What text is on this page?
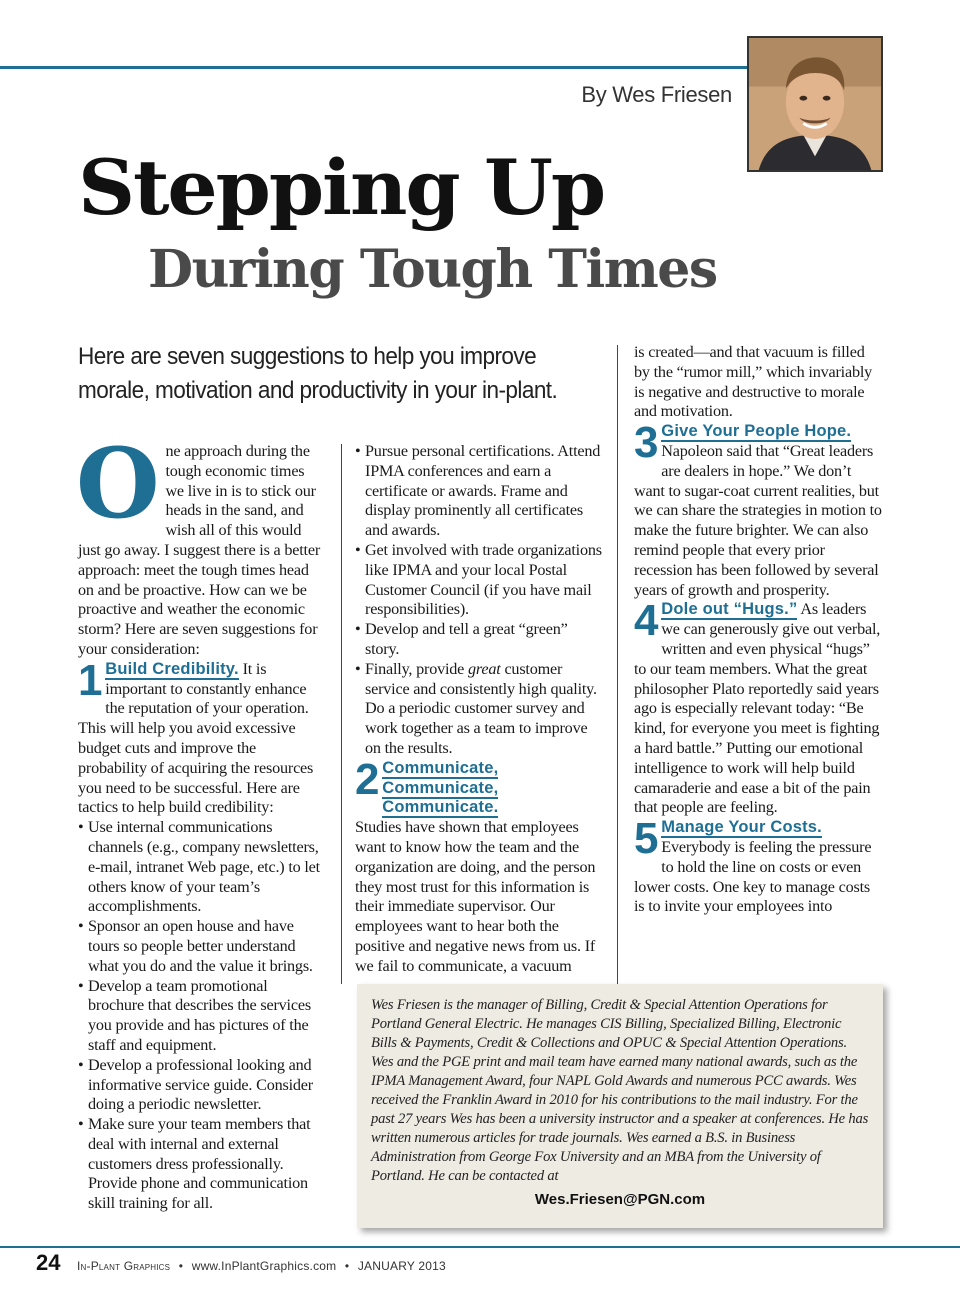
By Wes Friesen
Stepping Up
During Tough Times
Here are seven suggestions to help you improve morale, motivation and productivity in your in-plant.

One approach during the tough economic times we live in is to stick our heads in the sand, and wish all of this would just go away. I suggest there is a better approach: meet the tough times head on and be proactive. How can we be proactive and weather the economic storm? Here are seven suggestions for your consideration:

1 Build Credibility. It is important to constantly enhance the reputation of your operation. This will help you avoid excessive budget cuts and improve the probability of acquiring the resources you need to be successful. Here are tactics to help build credibility:

• Use internal communications channels (e.g., company newsletters, e-mail, intranet Web page, etc.) to let others know of your team’s accomplishments.
• Sponsor an open house and have tours so people better understand what you do and the value it brings.
• Develop a team promotional brochure that describes the services you provide and has pictures of the staff and equipment.
• Develop a professional looking and informative service guide. Consider doing a periodic newsletter.
• Make sure your team members that deal with internal and external customers dress professionally. Provide phone and communication skill training for all.
• Pursue personal certifications. Attend IPMA conferences and earn a certificate or awards. Frame and display prominently all certificates and awards.
• Get involved with trade organizations like IPMA and your local Postal Customer Council (if you have mail responsibilities).
• Develop and tell a great “green” story.
• Finally, provide great customer service and consistently high quality. Do a periodic customer survey and work together as a team to improve on the results.

2 Communicate, Communicate, Communicate.

Studies have shown that employees want to know how the team and the organization are doing, and the person they most trust for this information is their immediate supervisor. Our employees want to hear both the positive and negative news from us. If we fail to communicate, a vacuum

is created—and that vacuum is filled by the “rumor mill,” which invariably is negative and destructive to morale and motivation.

3 Give Your People Hope. Napoleon said that “Great leaders are dealers in hope.” We don’t want to sugar-coat current realities, but we can share the strategies in motion to make the future brighter. We can also remind people that every prior recession has been followed by several years of growth and prosperity.

4 Dole out “Hugs.” As leaders we can generously give out verbal, written and even physical “hugs” to our team members. What the great philosopher Plato reportedly said years ago is especially relevant today: “Be kind, for everyone you meet is fighting a hard battle.” Putting our emotional intelligence to work will help build camaraderie and ease a bit of the pain that people are feeling.

5 Manage Your Costs. Everybody is feeling the pressure to hold the line on costs or even lower costs. One key to manage costs is to invite your employees into

Wes Friesen is the manager of Billing, Credit & Special Attention Operations for Portland General Electric. He manages CIS Billing, Specialized Billing, Electronic Bills & Payments, Credit & Collections and OPUC & Special Attention Operations. Wes and the PGE print and mail team have earned many national awards, such as the IPMA Management Award, four NAPL Gold Awards and numerous PCC awards. Wes received the Franklin Award in 2010 for his contributions to the mail industry. For the past 27 years Wes has been a university instructor and a speaker at conferences. He has written numerous articles for trade journals. Wes earned a B.S. in Business Administration from George Fox University and an MBA from the University of Portland. He can be contacted at

Wes.Friesen@PGN.com

24 In-Plant Graphics • www.InPlantGraphics.com • JANUARY 2013
